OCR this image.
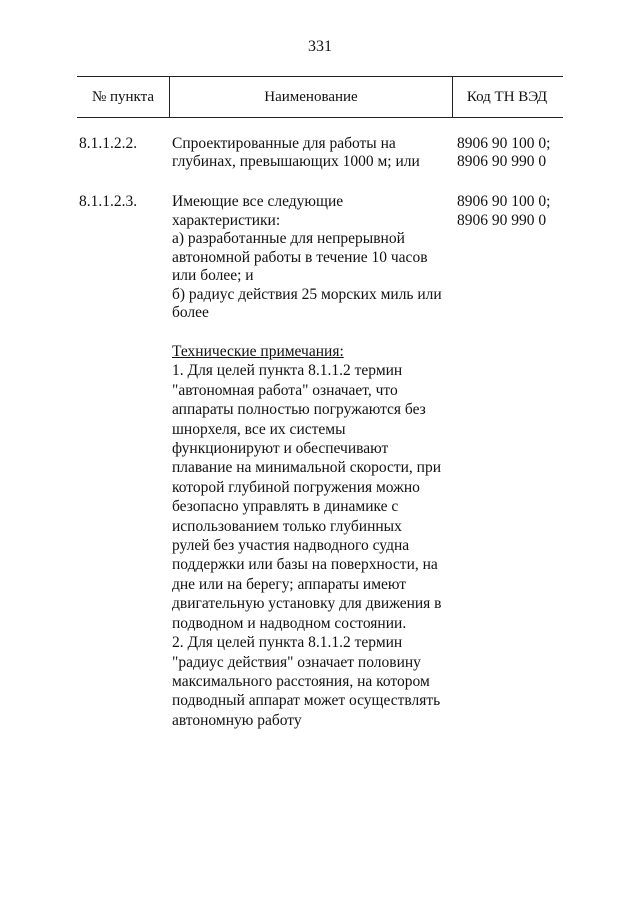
331
№ пункта	Наименование	Код ТН ВЭД
8.1.1.2.2. Спроектированные для работы на
глубинах, превышающих 1000 м; или
8906 90 100 0;
8906 90 990 0
8.1.1.2.3. Имеющие все следующие
характеристики:
а) разработанные для непрерывной
автономной работы в течение 10 часов
или более; и
б) радиус действия 25 морских миль или
более
8906 90 100 0;
8906 90 990 0
Технические примечания:
1. Для целей пункта 8.1.1.2 термин
"автономная работа" означает, что
аппараты полностью погружаются без
шнорхеля, все их системы
функционируют и обеспечивают
плавание на минимальной скорости, при
которой глубиной погружения можно
безопасно управлять в динамике с
использованием только глубинных
рулей без участия надводного судна
поддержки или базы на поверхности, на
дне или на берегу; аппараты имеют
двигательную установку для движения в
подводном и надводном состоянии.
2. Для целей пункта 8.1.1.2 термин
"радиус действия" означает половину
максимального расстояния, на котором
подводный аппарат может осуществлять
автономную работу
